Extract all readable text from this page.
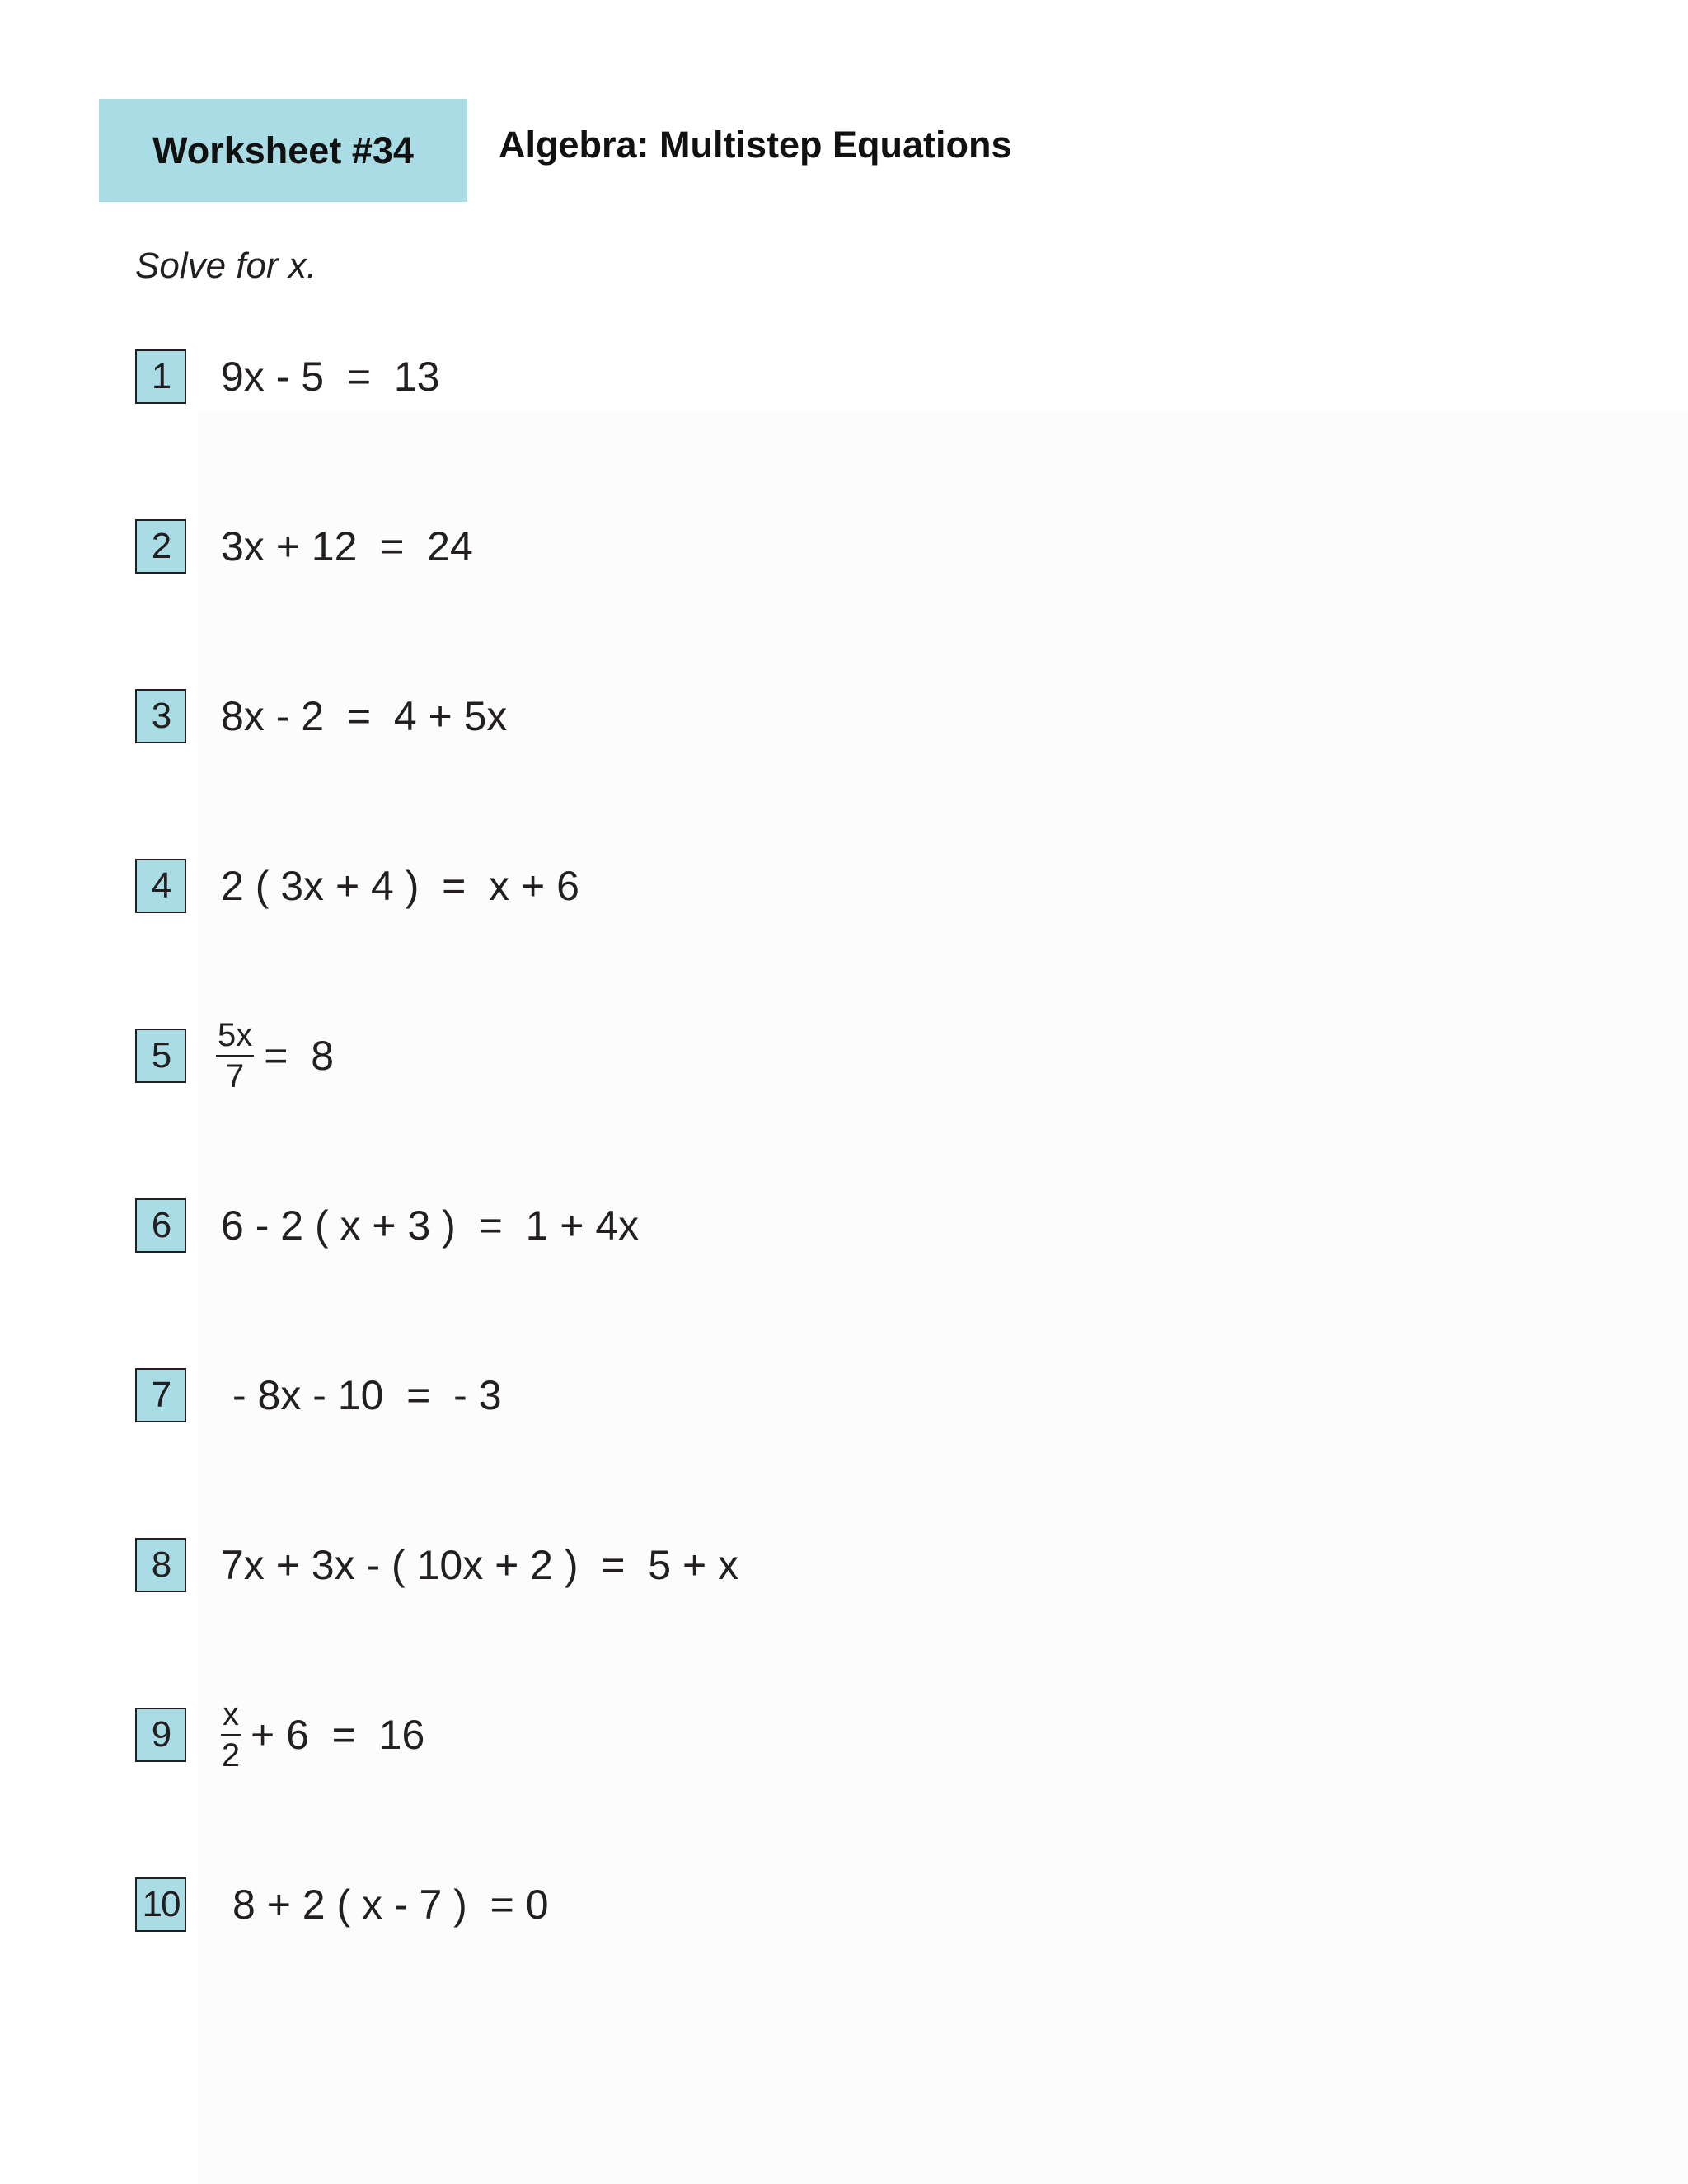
Worksheet #34	Algebra: Multistep Equations
Solve for x.
1	9x - 5  =  13
2	3x + 12  =  24
3	8x - 2  =  4 + 5x
4	2 ( 3x + 4 )  =  x + 6
5	$\frac{5x}{7} = 8$
6	6 - 2 ( x + 3 )  =  1 + 4x
7	- 8x - 10  =  - 3
8	7x + 3x - ( 10x + 2 )  =  5 + x
9	$\frac{x}{2} + 6 = 16$
10 8 + 2 ( x - 7 )  = 0
